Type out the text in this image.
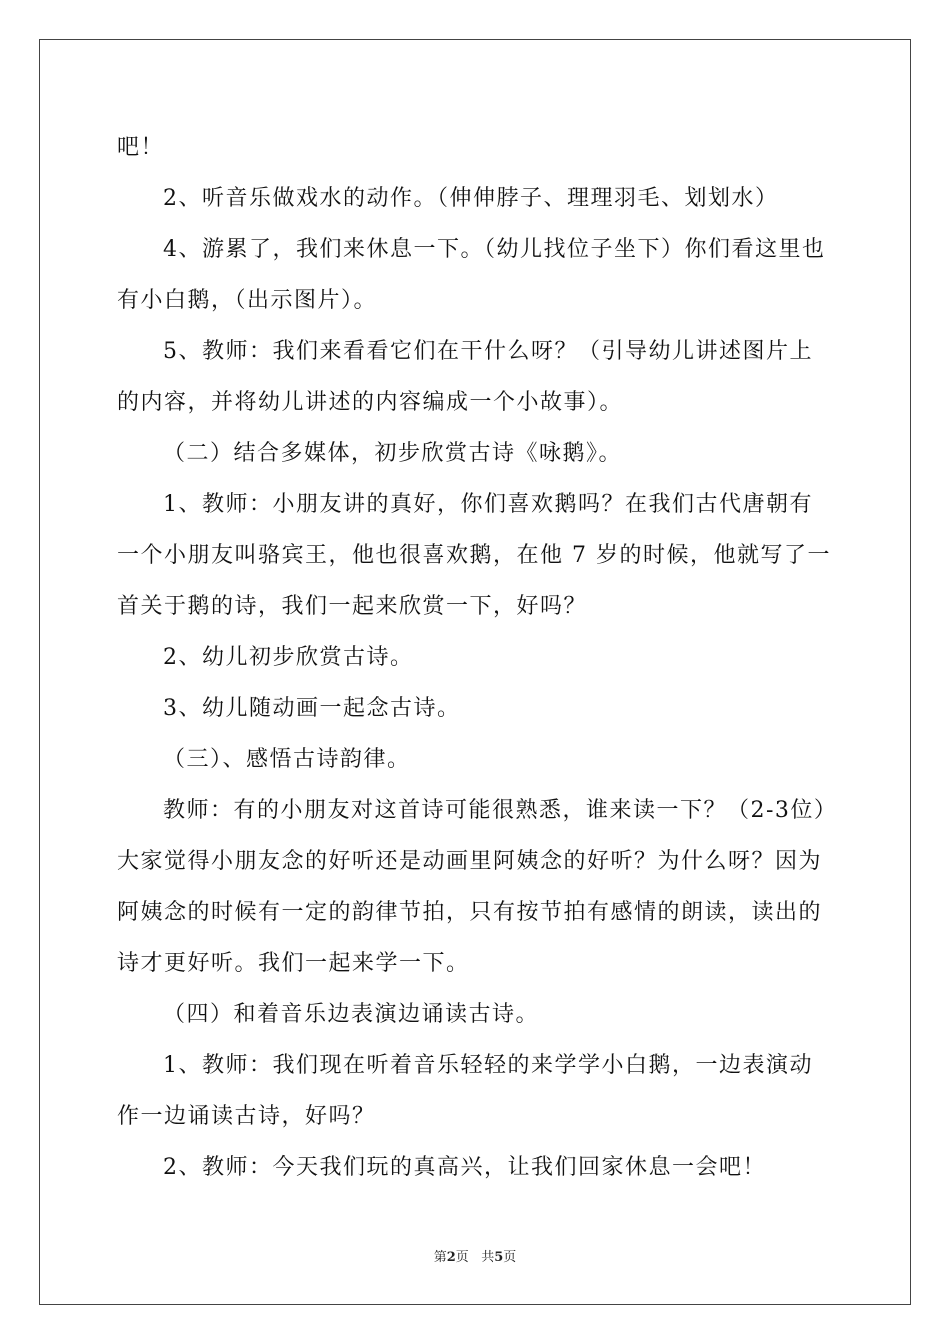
吧！

2、听音乐做戏水的动作。（伸伸脖子、理理羽毛、划划水）

4、游累了，我们来休息一下。（幼儿找位子坐下）你们看这里也有小白鹅，（出示图片）。

5、教师：我们来看看它们在干什么呀？（引导幼儿讲述图片上的内容，并将幼儿讲述的内容编成一个小故事）。

（二）结合多媒体，初步欣赏古诗《咏鹅》。

1、教师：小朋友讲的真好，你们喜欢鹅吗？在我们古代唐朝有一个小朋友叫骆宾王，他也很喜欢鹅，在他 7 岁的时候，他就写了一首关于鹅的诗，我们一起来欣赏一下，好吗？

2、幼儿初步欣赏古诗。

3、幼儿随动画一起念古诗。

（三）、感悟古诗韵律。

教师：有的小朋友对这首诗可能很熟悉，谁来读一下？（2-3位）大家觉得小朋友念的好听还是动画里阿姨念的好听？为什么呀？因为阿姨念的时候有一定的韵律节拍，只有按节拍有感情的朗读，读出的诗才更好听。我们一起来学一下。

（四）和着音乐边表演边诵读古诗。

1、教师：我们现在听着音乐轻轻的来学学小白鹅，一边表演动作一边诵读古诗，好吗？

2、教师：今天我们玩的真高兴，让我们回家休息一会吧！

第2页 共5页
